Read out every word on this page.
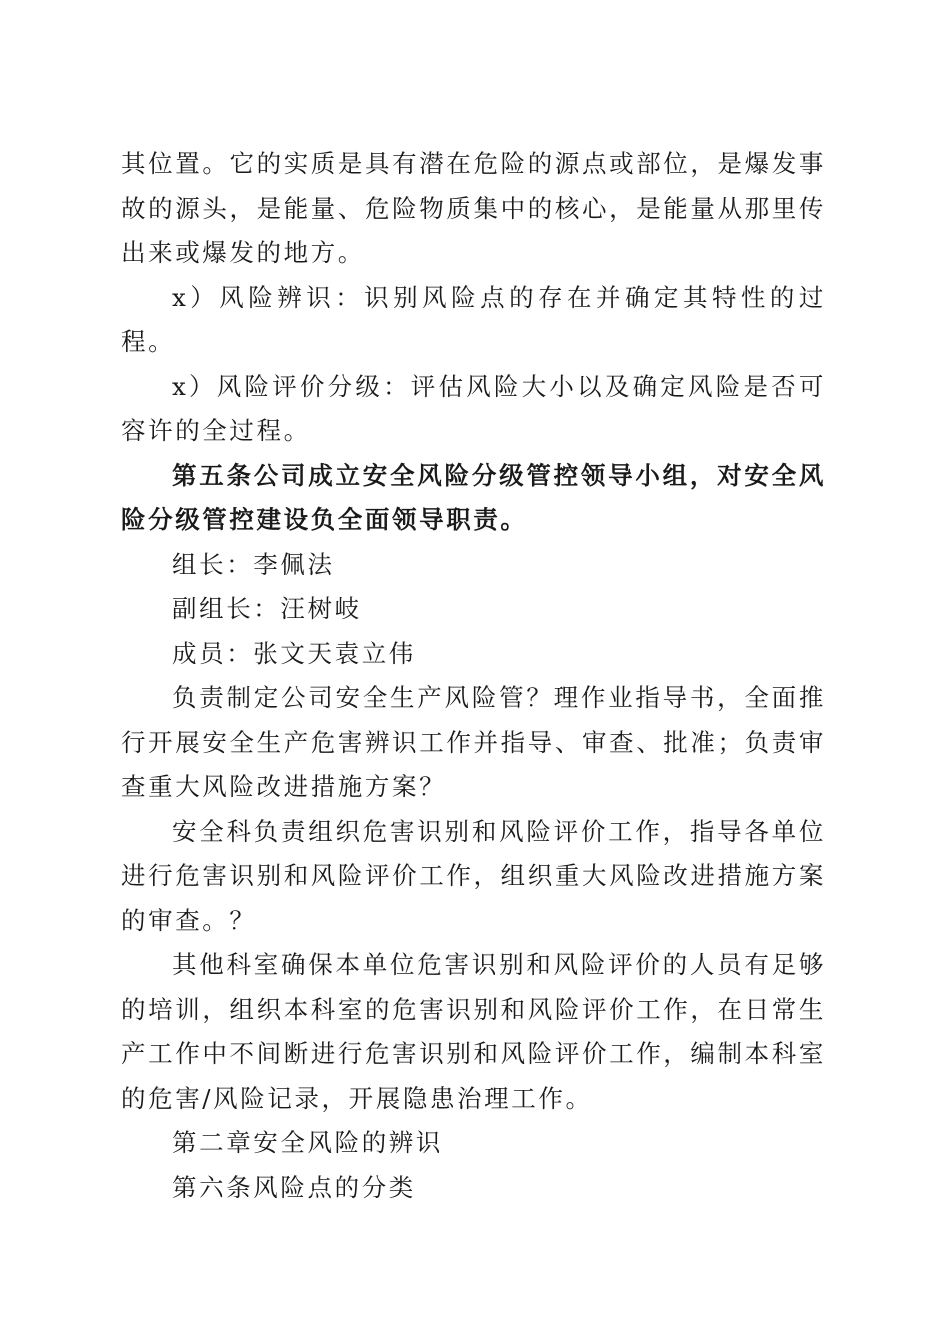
其位置。它的实质是具有潜在危险的源点或部位，是爆发事故的源头，是能量、危险物质集中的核心，是能量从那里传出来或爆发的地方。

x）风险辨识：识别风险点的存在并确定其特性的过程。

x）风险评价分级：评估风险大小以及确定风险是否可容许的全过程。

第五条公司成立安全风险分级管控领导小组，对安全风险分级管控建设负全面领导职责。

组长：李佩法

副组长：汪树岐

成员：张文天袁立伟

负责制定公司安全生产风险管？理作业指导书，全面推行开展安全生产危害辨识工作并指导、审查、批准；负责审查重大风险改进措施方案？

安全科负责组织危害识别和风险评价工作，指导各单位进行危害识别和风险评价工作，组织重大风险改进措施方案的审查。？

其他科室确保本单位危害识别和风险评价的人员有足够的培训，组织本科室的危害识别和风险评价工作，在日常生产工作中不间断进行危害识别和风险评价工作，编制本科室的危害/风险记录，开展隐患治理工作。

第二章安全风险的辨识

第六条风险点的分类
